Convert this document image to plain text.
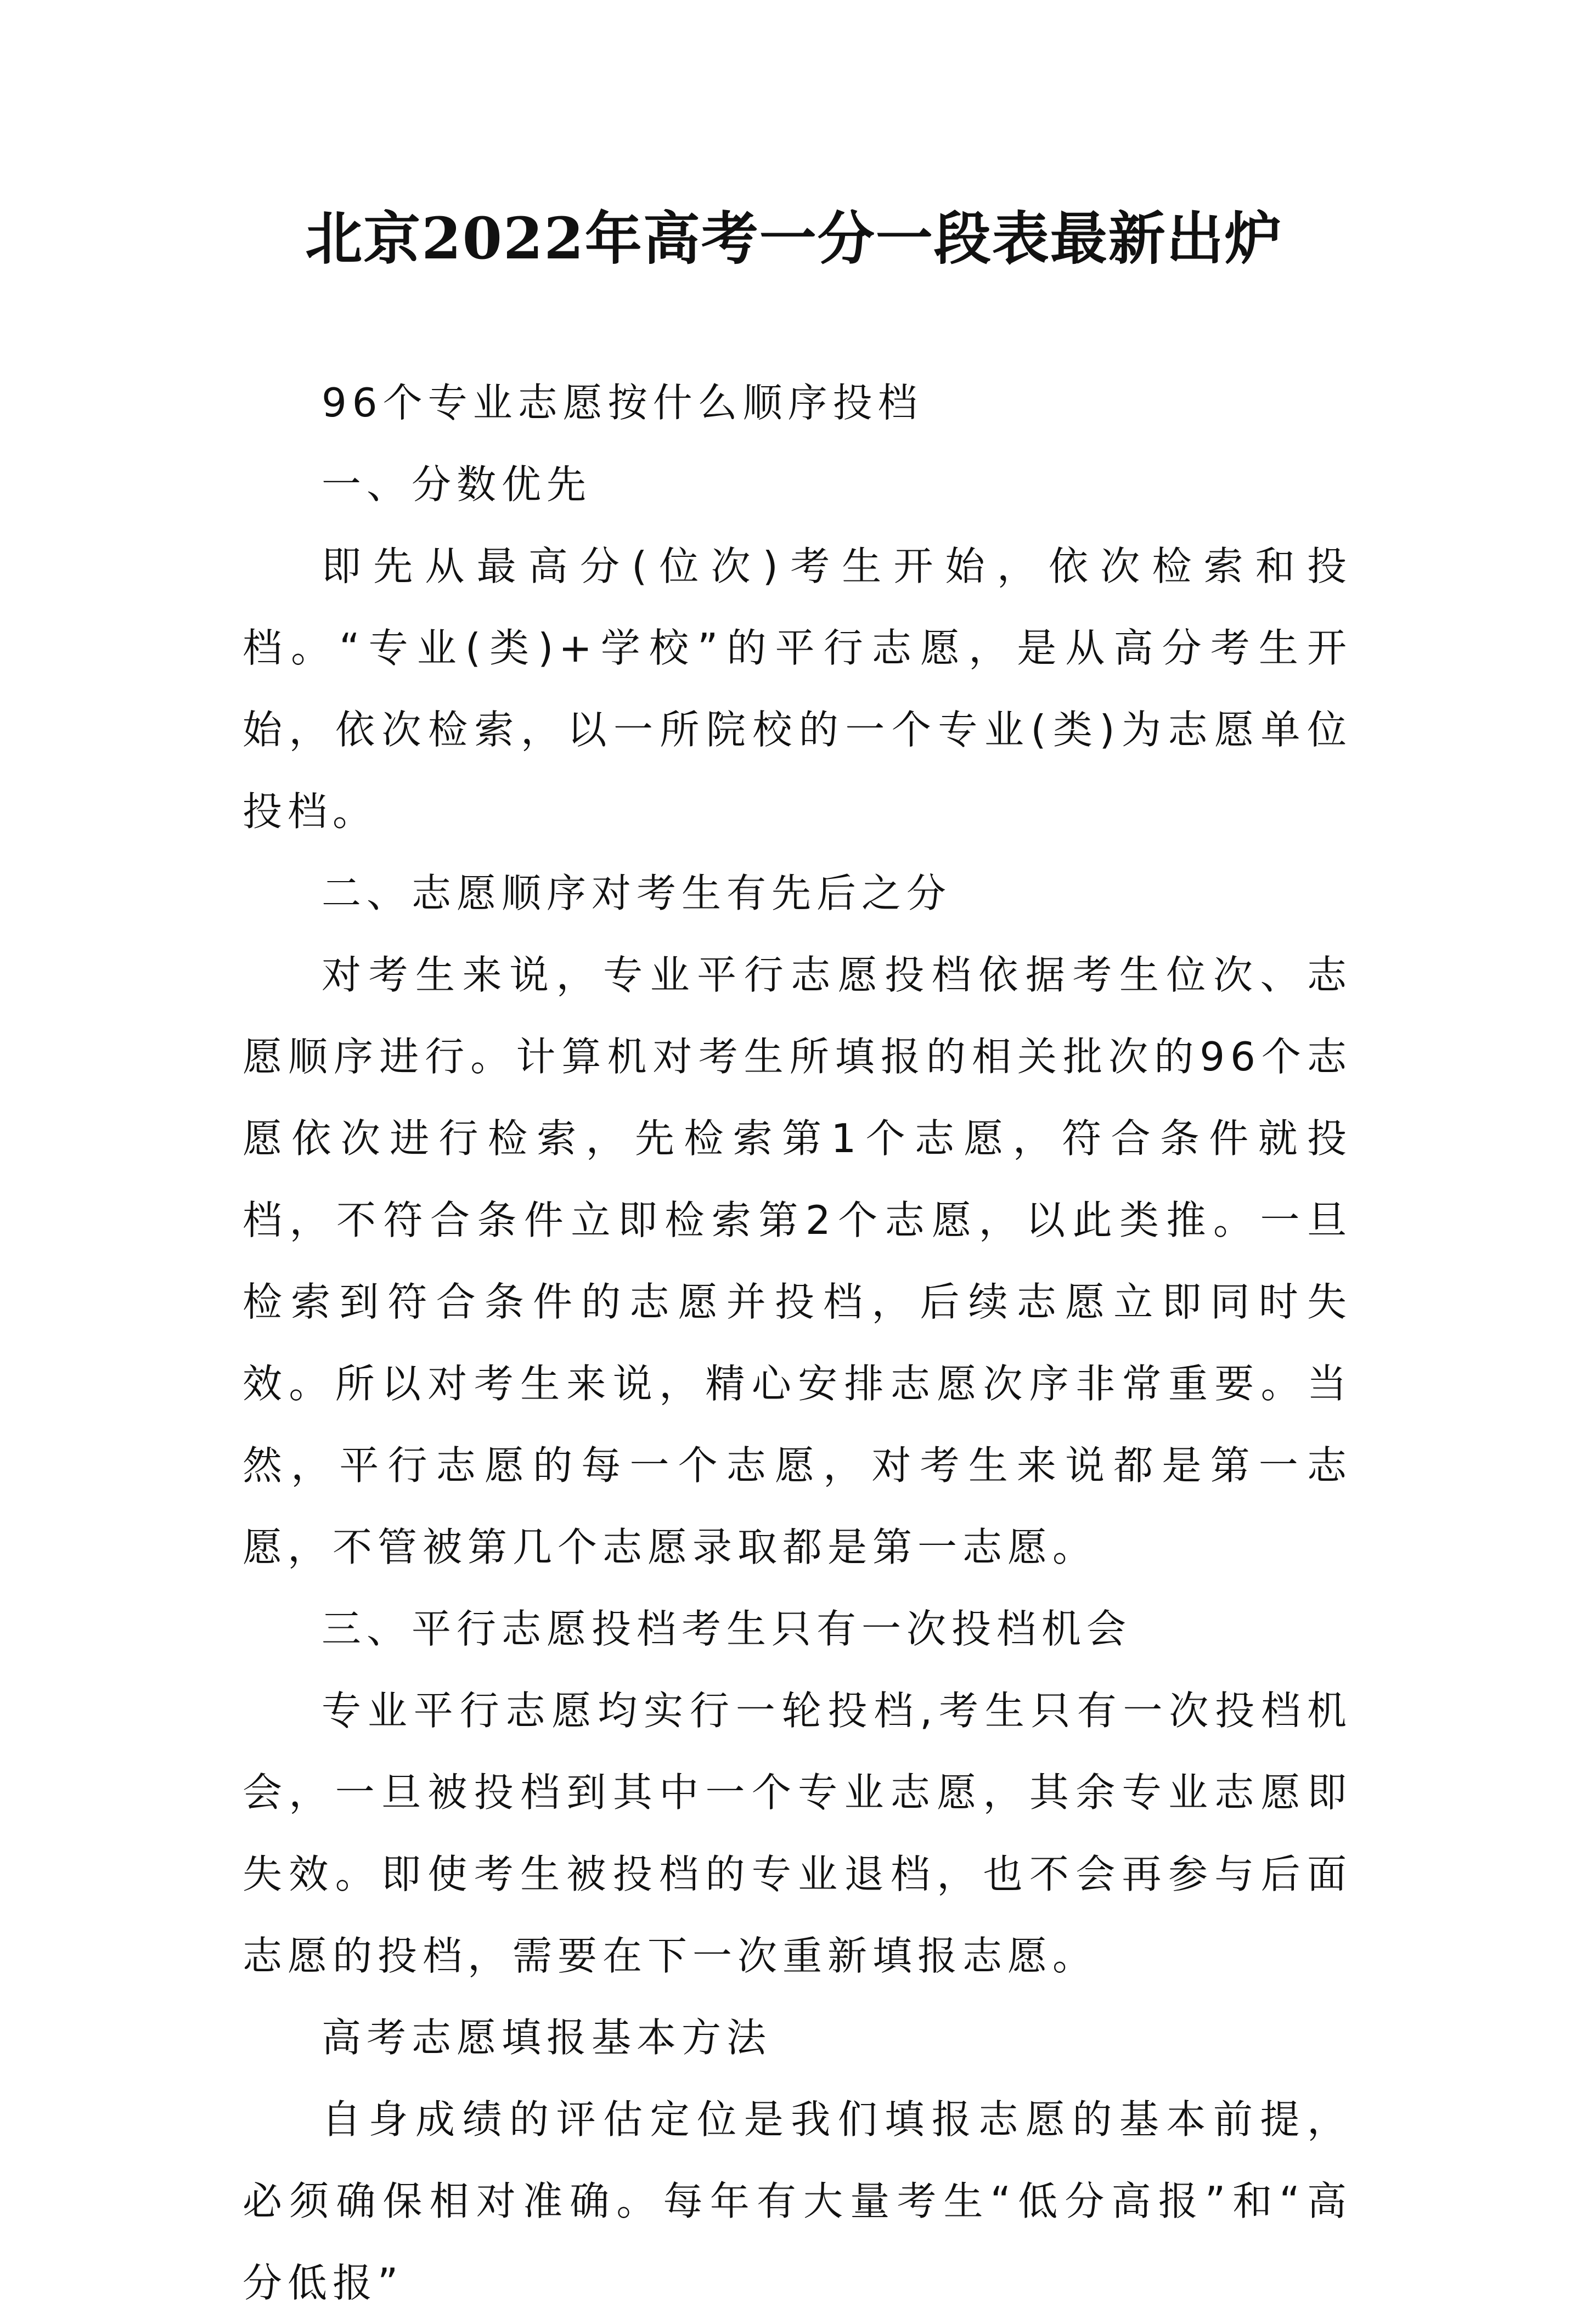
北京2022年高考一分一段表最新出炉

96个专业志愿按什么顺序投档

一、分数优先

即先从最高分(位次)考生开始，依次检索和投档。“专业(类)+学校”的平行志愿，是从高分考生开始，依次检索，以一所院校的一个专业(类)为志愿单位投档。

二、志愿顺序对考生有先后之分

对考生来说，专业平行志愿投档依据考生位次、志愿顺序进行。计算机对考生所填报的相关批次的96个志愿依次进行检索，先检索第1个志愿，符合条件就投档，不符合条件立即检索第2个志愿，以此类推。一旦检索到符合条件的志愿并投档，后续志愿立即同时失效。所以对考生来说，精心安排志愿次序非常重要。当然，平行志愿的每一个志愿，对考生来说都是第一志愿，不管被第几个志愿录取都是第一志愿。

三、平行志愿投档考生只有一次投档机会

专业平行志愿均实行一轮投档,考生只有一次投档机会，一旦被投档到其中一个专业志愿，其余专业志愿即失效。即使考生被投档的专业退档，也不会再参与后面志愿的投档，需要在下一次重新填报志愿。

高考志愿填报基本方法

自身成绩的评估定位是我们填报志愿的基本前提，必须确保相对准确。每年有大量考生“低分高报”和“高分低报”
